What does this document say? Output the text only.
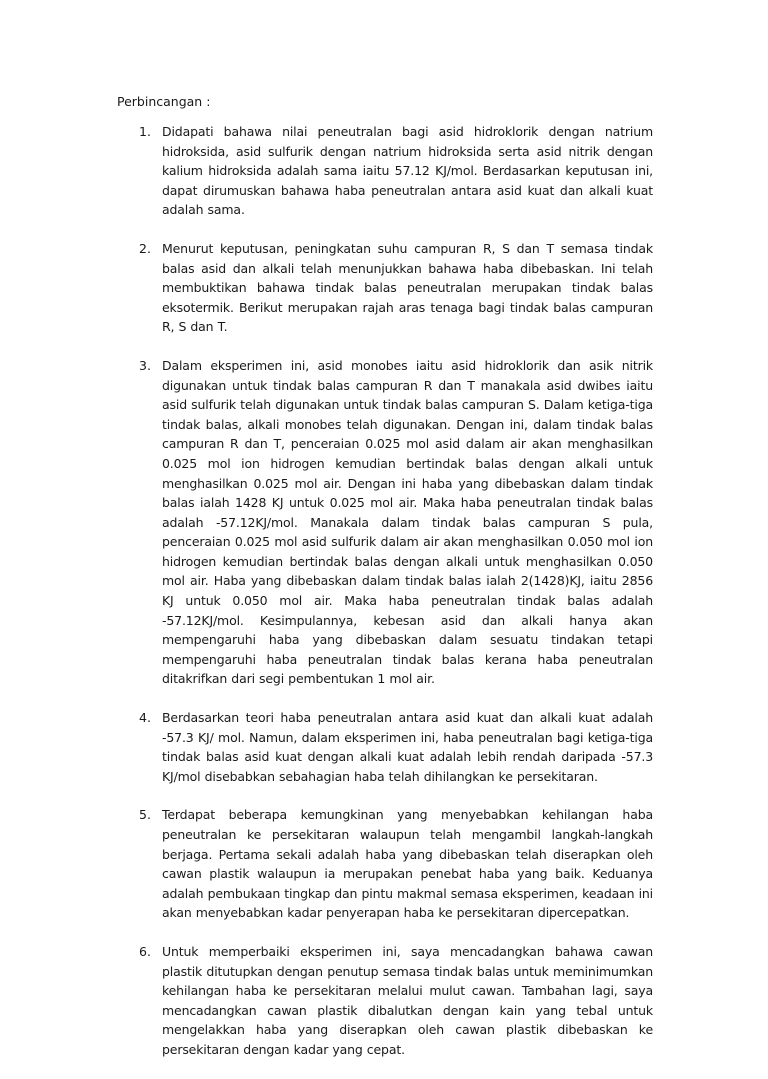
Perbincangan :

1. Didapati bahawa nilai peneutralan bagi asid hidroklorik dengan natrium hidroksida, asid sulfurik dengan natrium hidroksida serta asid nitrik dengan kalium hidroksida adalah sama iaitu 57.12 KJ/mol. Berdasarkan keputusan ini, dapat dirumuskan bahawa haba peneutralan antara asid kuat dan alkali kuat adalah sama.
2. Menurut keputusan, peningkatan suhu campuran R, S dan T semasa tindak balas asid dan alkali telah menunjukkan bahawa haba dibebaskan. Ini telah membuktikan bahawa tindak balas peneutralan merupakan tindak balas eksotermik. Berikut merupakan rajah aras tenaga bagi tindak balas campuran R, S dan T.
3. Dalam eksperimen ini, asid monobes iaitu asid hidroklorik dan asik nitrik digunakan untuk tindak balas campuran R dan T manakala asid dwibes iaitu asid sulfurik telah digunakan untuk tindak balas campuran S. Dalam ketiga-tiga tindak balas, alkali monobes telah digunakan. Dengan ini, dalam tindak balas campuran R dan T, penceraian 0.025 mol asid dalam air akan menghasilkan 0.025 mol ion hidrogen kemudian bertindak balas dengan alkali untuk menghasilkan 0.025 mol air. Dengan ini haba yang dibebaskan dalam tindak balas ialah 1428 KJ untuk 0.025 mol air. Maka haba peneutralan tindak balas adalah -57.12KJ/mol. Manakala dalam tindak balas campuran S pula, penceraian 0.025 mol asid sulfurik dalam air akan menghasilkan 0.050 mol ion hidrogen kemudian bertindak balas dengan alkali untuk menghasilkan 0.050 mol air. Haba yang dibebaskan dalam tindak balas ialah 2(1428)KJ, iaitu 2856 KJ untuk 0.050 mol air. Maka haba peneutralan tindak balas adalah -57.12KJ/mol. Kesimpulannya, kebesan asid dan alkali hanya akan mempengaruhi haba yang dibebaskan dalam sesuatu tindakan tetapi mempengaruhi haba peneutralan tindak balas kerana haba peneutralan ditakrifkan dari segi pembentukan 1 mol air.
4. Berdasarkan teori haba peneutralan antara asid kuat dan alkali kuat adalah -57.3 KJ/ mol. Namun, dalam eksperimen ini, haba peneutralan bagi ketiga-tiga tindak balas asid kuat dengan alkali kuat adalah lebih rendah daripada -57.3 KJ/mol disebabkan sebahagian haba telah dihilangkan ke persekitaran.
5. Terdapat beberapa kemungkinan yang menyebabkan kehilangan haba peneutralan ke persekitaran walaupun telah mengambil langkah-langkah berjaga. Pertama sekali adalah haba yang dibebaskan telah diserapkan oleh cawan plastik walaupun ia merupakan penebat haba yang baik. Keduanya adalah pembukaan tingkap dan pintu makmal semasa eksperimen, keadaan ini akan menyebabkan kadar penyerapan haba ke persekitaran dipercepatkan.
6. Untuk memperbaiki eksperimen ini, saya mencadangkan bahawa cawan plastik ditutupkan dengan penutup semasa tindak balas untuk meminimumkan kehilangan haba ke persekitaran melalui mulut cawan. Tambahan lagi, saya mencadangkan cawan plastik dibalutkan dengan kain yang tebal untuk mengelakkan haba yang diserapkan oleh cawan plastik dibebaskan ke persekitaran dengan kadar yang cepat.
